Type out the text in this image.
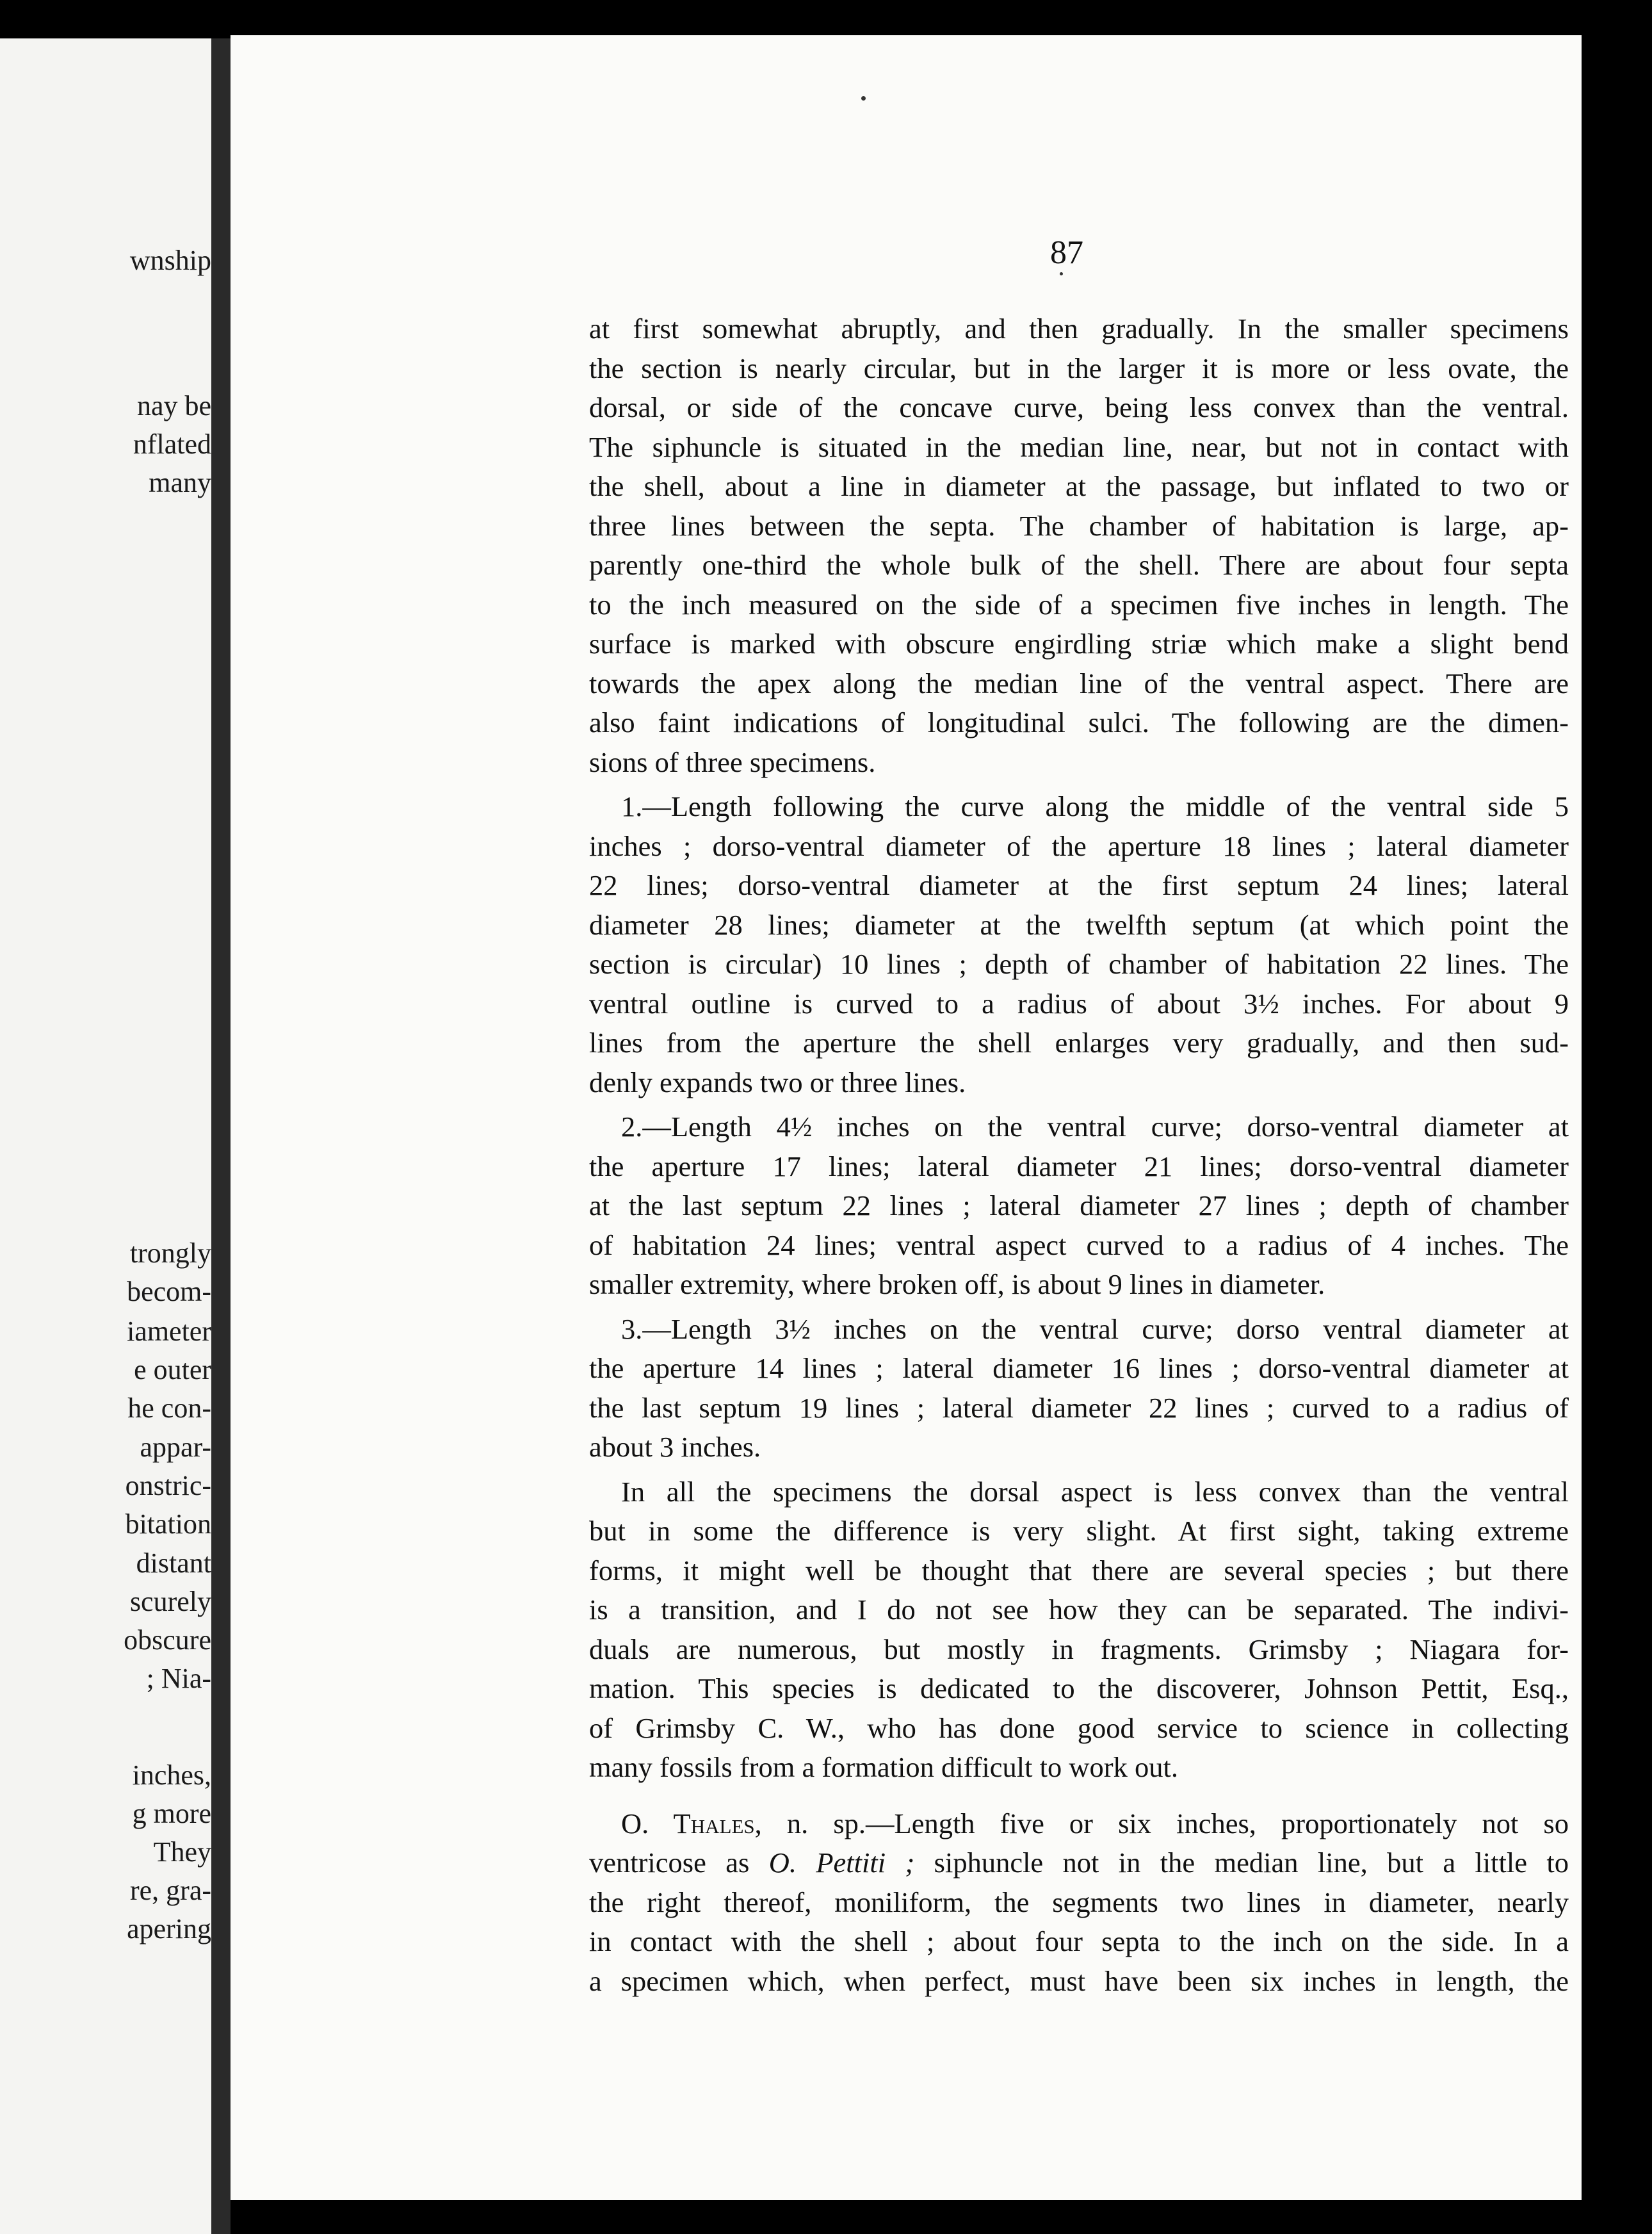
wnship
nay be
nflated
many
trongly
becom-
iameter
e outer
he con-
appar-
onstric-
bitation
distant
scurely
obscure
; Nia-
inches,
g more
They
re, gra-
apering
87
at first somewhat abruptly, and then gradually. In the smaller specimens
the section is nearly circular, but in the larger it is more or less ovate, the
dorsal, or side of the concave curve, being less convex than the ventral.
The siphuncle is situated in the median line, near, but not in contact with
the shell, about a line in diameter at the passage, but inflated to two or
three lines between the septa. The chamber of habitation is large, ap-
parently one-third the whole bulk of the shell. There are about four septa
to the inch measured on the side of a specimen five inches in length. The
surface is marked with obscure engirdling striæ which make a slight bend
towards the apex along the median line of the ventral aspect. There are
also faint indications of longitudinal sulci. The following are the dimen-
sions of three specimens.
1.—Length following the curve along the middle of the ventral side 5
inches ; dorso-ventral diameter of the aperture 18 lines ; lateral diameter
22 lines; dorso-ventral diameter at the first septum 24 lines; lateral
diameter 28 lines; diameter at the twelfth septum (at which point the
section is circular) 10 lines ; depth of chamber of habitation 22 lines. The
ventral outline is curved to a radius of about 3½ inches. For about 9
lines from the aperture the shell enlarges very gradually, and then sud-
denly expands two or three lines.
2.—Length 4½ inches on the ventral curve; dorso-ventral diameter at
the aperture 17 lines; lateral diameter 21 lines; dorso-ventral diameter
at the last septum 22 lines ; lateral diameter 27 lines ; depth of chamber
of habitation 24 lines; ventral aspect curved to a radius of 4 inches. The
smaller extremity, where broken off, is about 9 lines in diameter.
3.—Length 3½ inches on the ventral curve; dorso ventral diameter at
the aperture 14 lines ; lateral diameter 16 lines ; dorso-ventral diameter at
the last septum 19 lines ; lateral diameter 22 lines ; curved to a radius of
about 3 inches.
In all the specimens the dorsal aspect is less convex than the ventral
but in some the difference is very slight. At first sight, taking extreme
forms, it might well be thought that there are several species ; but there
is a transition, and I do not see how they can be separated. The indivi-
duals are numerous, but mostly in fragments. Grimsby ; Niagara for-
mation. This species is dedicated to the discoverer, Johnson Pettit, Esq.,
of Grimsby C. W., who has done good service to science in collecting
many fossils from a formation difficult to work out.
O. Thales, n. sp.—Length five or six inches, proportionately not so
ventricose as O. Pettiti ; siphuncle not in the median line, but a little to
the right thereof, moniliform, the segments two lines in diameter, nearly
in contact with the shell ; about four septa to the inch on the side. In a
a specimen which, when perfect, must have been six inches in length, the
